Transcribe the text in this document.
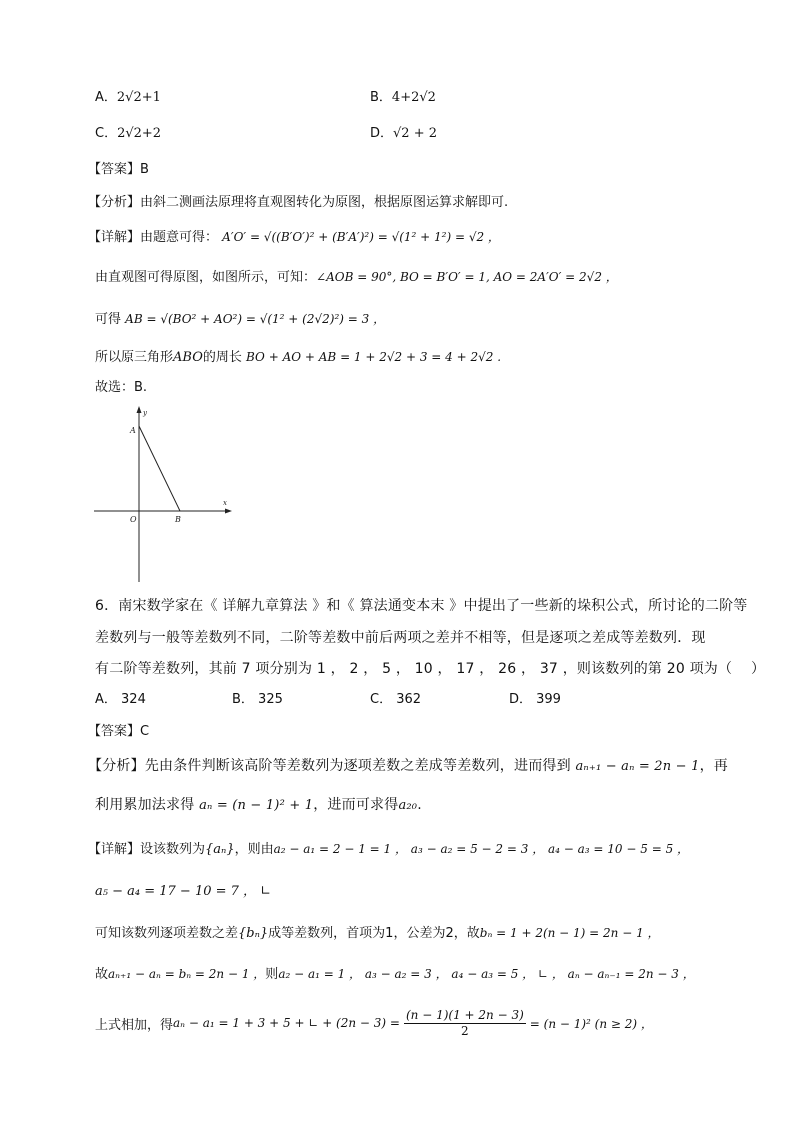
A．2√2+1	B．4+2√2
C．2√2+2	D．√2 + 2
【答案】B
【分析】由斜二测画法原理将直观图转化为原图，根据原图运算求解即可.
【详解】由题意可得： A′O′ = √((B′O′)² + (B′A′)²) = √(1² + 1²) = √2 ，
由直观图可得原图，如图所示，可知：∠AOB = 90°, BO = B′O′ = 1, AO = 2A′O′ = 2√2 ，
可得 AB = √(BO² + AO²) = √(1² + (2√2)²) = 3 ，
所以原三角形ABO的周长 BO + AO + AB = 1 + 2√2 + 3 = 4 + 2√2 .
故选：B.
y
x
A
O	B
6．南宋数学家在《 详解九章算法 》和《 算法通变本末 》中提出了一些新的垛积公式，所讨论的二阶等
差数列与一般等差数列不同，二阶等差数中前后两项之差并不相等，但是逐项之差成等差数列．现
有二阶等差数列，其前 7 项分别为 1 ， 2 ， 5 ， 10 ， 17 ， 26 ， 37 ，则该数列的第 20 项为（　 ）
A． 324	B． 325	C． 362	D． 399
【答案】C
【分析】先由条件判断该高阶等差数列为逐项差数之差成等差数列，进而得到 aₙ₊₁ − aₙ = 2n − 1，再
利用累加法求得 aₙ = (n − 1)² + 1，进而可求得a₂₀.
【详解】设该数列为{aₙ}，则由a₂ − a₁ = 2 − 1 = 1 ， a₃ − a₂ = 5 − 2 = 3 ， a₄ − a₃ = 10 − 5 = 5 ，
a₅ − a₄ = 17 − 10 = 7 ， ∟
可知该数列逐项差数之差{bₙ}成等差数列，首项为1，公差为2，故bₙ = 1 + 2(n − 1) = 2n − 1 ，
故aₙ₊₁ − aₙ = bₙ = 2n − 1 ，则a₂ − a₁ = 1 ， a₃ − a₂ = 3 ， a₄ − a₃ = 5 ， ∟ ， aₙ − aₙ₋₁ = 2n − 3 ，
上式相加，得 aₙ − a₁ = 1 + 3 + 5 + ∟ + $(2n - 3) = \frac{(n - 1)(1 + 2n - 3)}{2} = (n - 1)^2$ (n ≥ 2) ，
